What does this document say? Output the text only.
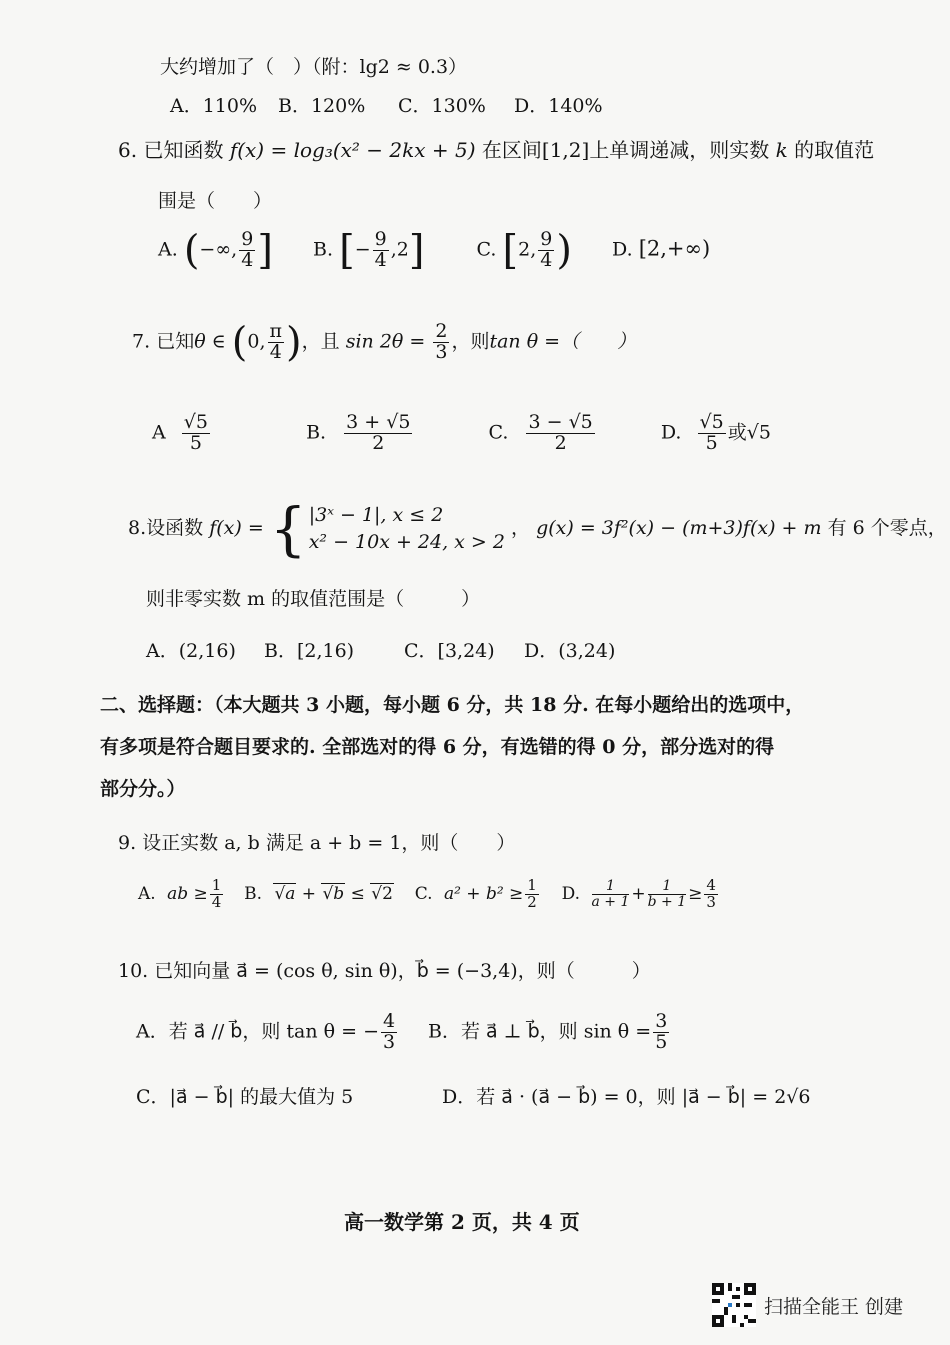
大约增加了（　）（附：lg2 ≈ 0.3）
A．110% B．120% C．130% D．140%
6. 已知函数 f(x) = log₃(x² − 2kx + 5) 在区间[1,2]上单调递减，则实数 k 的取值范
围是（　　）
A. (−∞, $\frac{9}{4}$ ] B. [− $\frac{9}{4} ,2$]	C. [2, $\frac{9}{4}$ ) D. [2,+∞)
7. 已知θ ∈ (0, $\frac{\pi}{4}$ )，且 $\sin 2\theta = \frac{2}{3}$ ，则tan θ =（　　）
A $\frac{√5}{5}$	B. $\frac{3 + √5}{2}$	C. $\frac{3 - √5}{2}$	D. $\frac{√5}{5}$ 或√5
8.设函数 f(x) = { |3ˣ − 1|, x ≤ 2
x² − 10x + 24, x > 2
， g(x) = 3f²(x) − (m+3)f(x) + m 有 6 个零点，
则非零实数 m 的取值范围是（　　　）
A．(2,16) B．[2,16)	C．[3,24) D．(3,24)
二、选择题：（本大题共 3 小题，每小题 6 分，共 18 分. 在每小题给出的选项中，
有多项是符合题目要求的. 全部选对的得 6 分，有选错的得 0 分，部分选对的得
部分分。）
9. 设正实数 a, b 满足 a + b = 1，则（　　）
A. ab ≥ $\frac{1}{4} B$. √a + √b ≤ √2 C. $a^2 + b^2 \ge \frac{1}{2} D$. $\frac{1}{a + 1} + \frac{1}{b + 1} \ge \frac{4}{3}$
10. 已知向量 a⃗ = (cos θ, sin θ)，b⃗ = (−3,4)，则（　　　）
A．若 a⃗ // b⃗，则 tan θ = − $\frac{4}{3}$ B．若 a⃗ ⊥ b⃗，则 $\sin \theta = \frac{3}{5}$
C．|a⃗ − b⃗| 的最大值为 5	D．若 a⃗ · (a⃗ − b⃗) = 0，则 |a⃗ − b⃗| = 2√6
高一数学第 2 页，共 4 页
扫描全能王 创建
